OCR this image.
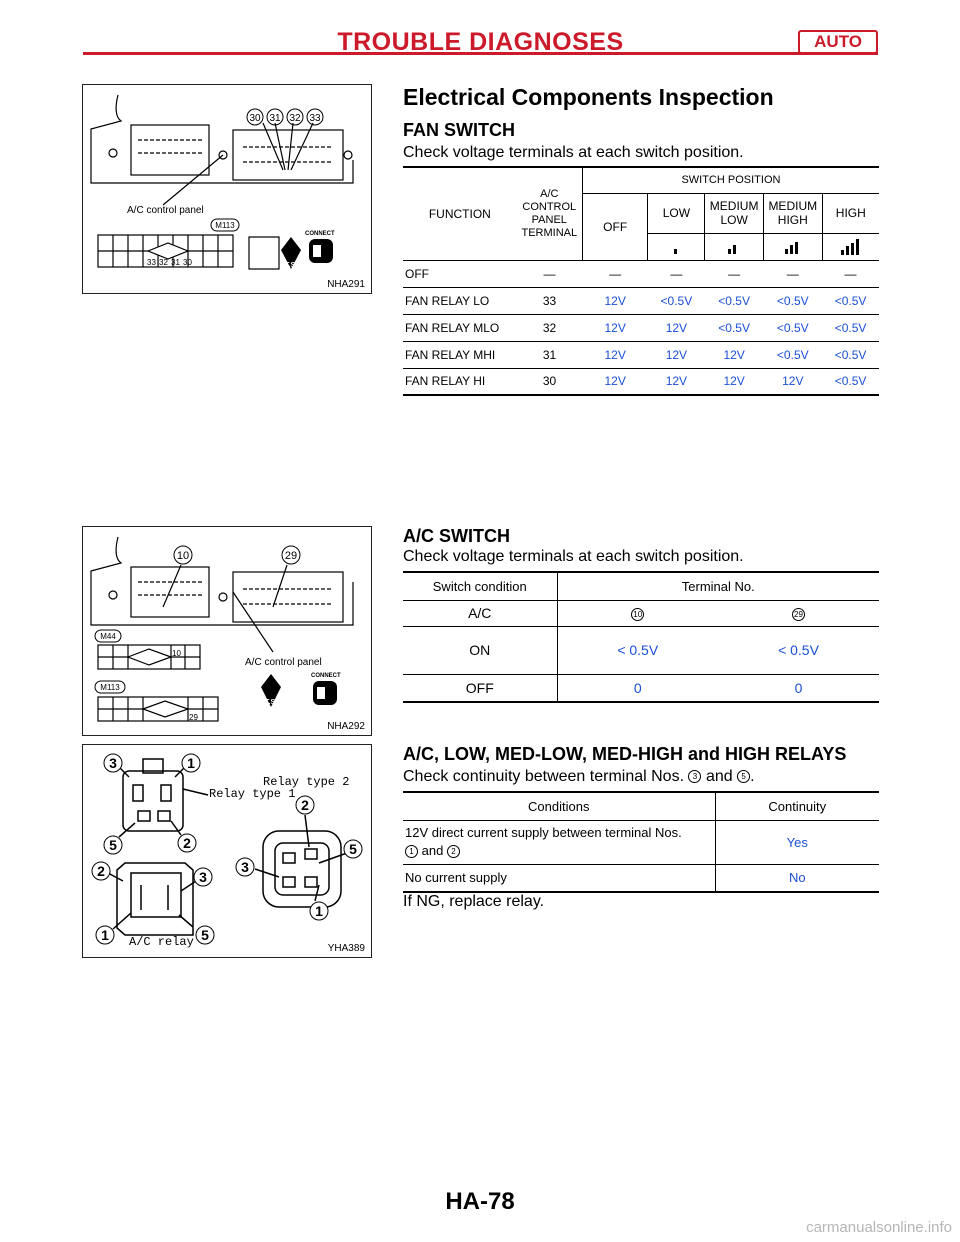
TROUBLE DIAGNOSES	AUTO
30 31 32 33
A/C control panel
M113
33 32 31 30	T.S.
CONNECT
NHA291
Electrical Components Inspection
FAN SWITCH

Check voltage terminals at each switch position.

FUNCTION	A/C CONTROL PANEL TERMINAL	SWITCH POSITION				
		OFF	LOW	MEDIUM LOW	MEDIUM HIGH	HIGH

OFF	—	—	—	—	—	—
FAN RELAY LO	33	12V	<0.5V	<0.5V	<0.5V	<0.5V
FAN RELAY MLO	32	12V	12V	<0.5V	<0.5V	<0.5V
FAN RELAY MHI	31	12V	12V	12V	<0.5V	<0.5V
FAN RELAY HI	30	12V	12V	12V	12V	<0.5V
10	29
M44
10
M113
29
A/C control panel
T.S.
CONNECT
NHA292
A/C SWITCH

Check voltage terminals at each switch position.

Switch condition	Terminal No.	
A/C	10	29
ON	< 0.5V	< 0.5V
OFF	0	0
3	1
5	2
2	3
1	5
2
5
3
1
Relay type 1
Relay type 2
A/C relay	YHA389
A/C, LOW, MED-LOW, MED-HIGH and HIGH RELAYS

Check continuity between terminal Nos. 3 and 5 .

Conditions	Continuity
12V direct current supply between terminal Nos.
1 and 2	Yes
No current supply	No

If NG, replace relay.

HA-78
carmanualsonline.info
